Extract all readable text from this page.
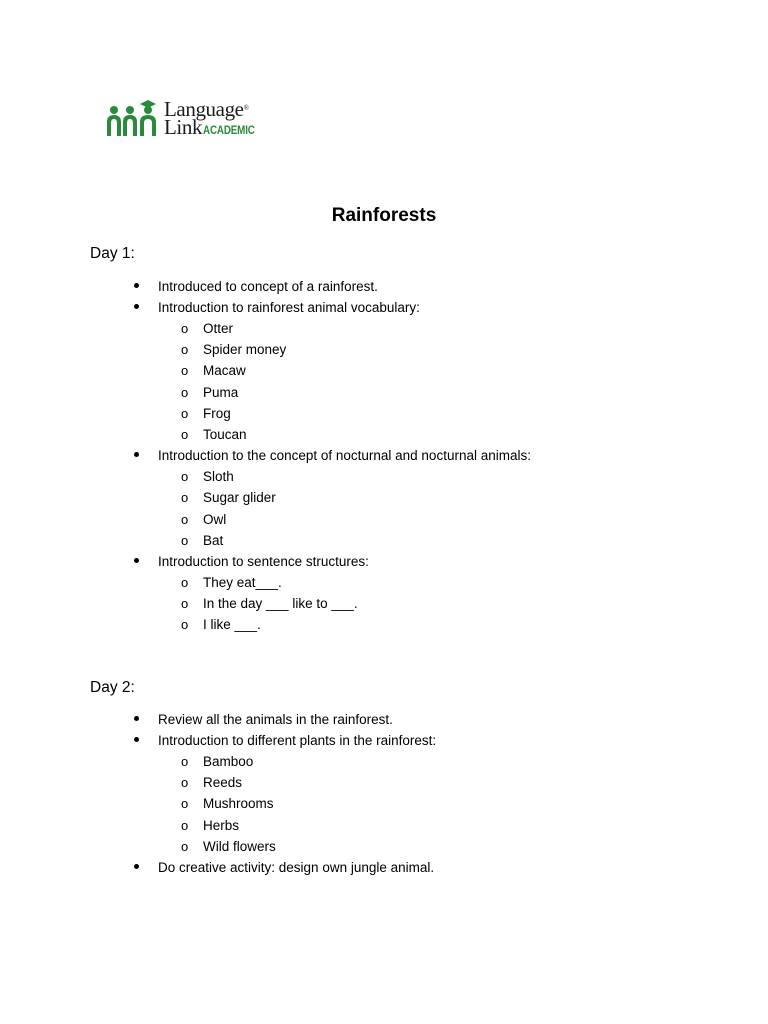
Language®
LinkACADEMIC
Rainforests
Day 1:
Introduced to concept of a rainforest.
Introduction to rainforest animal vocabulary:
o Otter
o Spider money
o Macaw
o Puma
o Frog
o Toucan
Introduction to the concept of nocturnal and nocturnal animals:
o Sloth
o Sugar glider
o Owl
o Bat
Introduction to sentence structures:
o They eat___.
o In the day ___ like to ___.
o I like ___.
Day 2:
Review all the animals in the rainforest.
Introduction to different plants in the rainforest:
o Bamboo
o Reeds
o Mushrooms
o Herbs
o Wild flowers
Do creative activity: design own jungle animal.
